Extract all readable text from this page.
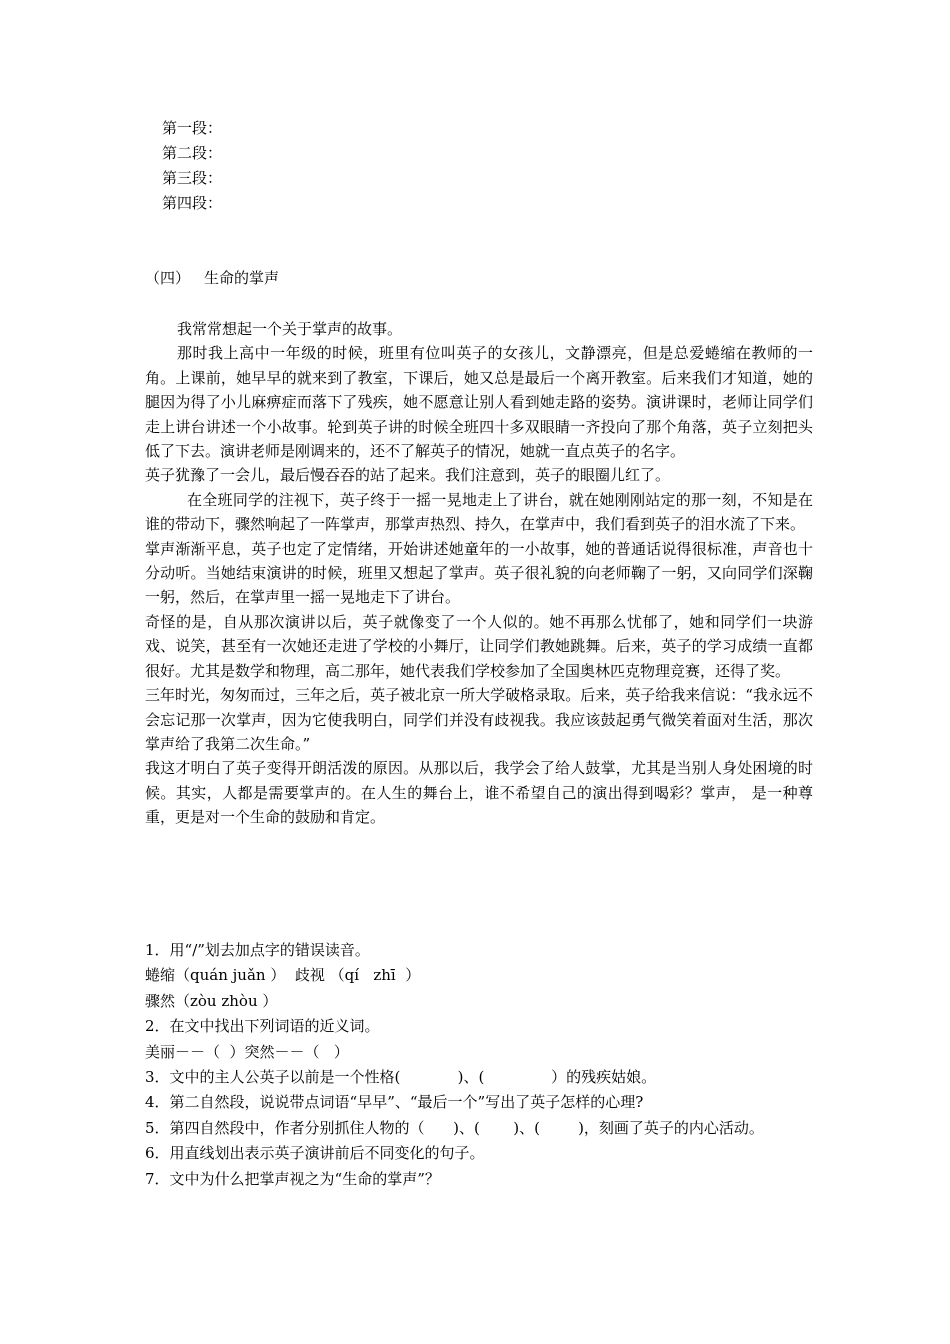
第一段：
第二段：
第三段：
第四段：
（四） 生命的掌声

我常常想起一个关于掌声的故事。

那时我上高中一年级的时候，班里有位叫英子的女孩儿，文静漂亮，但是总爱蜷缩在教师的一角。上课前，她早早的就来到了教室，下课后，她又总是最后一个离开教室。后来我们才知道，她的腿因为得了小儿麻痹症而落下了残疾，她不愿意让别人看到她走路的姿势。演讲课时，老师让同学们走上讲台讲述一个小故事。轮到英子讲的时候全班四十多双眼睛一齐投向了那个角落，英子立刻把头低了下去。演讲老师是刚调来的，还不了解英子的情况，她就一直点英子的名字。

英子犹豫了一会儿，最后慢吞吞的站了起来。我们注意到，英子的眼圈儿红了。

在全班同学的注视下，英子终于一摇一晃地走上了讲台，就在她刚刚站定的那一刻，不知是在谁的带动下，骤然响起了一阵掌声，那掌声热烈、持久，在掌声中，我们看到英子的泪水流了下来。

掌声渐渐平息，英子也定了定情绪，开始讲述她童年的一小故事，她的普通话说得很标准，声音也十分动听。当她结束演讲的时候，班里又想起了掌声。英子很礼貌的向老师鞠了一躬，又向同学们深鞠一躬，然后，在掌声里一摇一晃地走下了讲台。

奇怪的是，自从那次演讲以后，英子就像变了一个人似的。她不再那么忧郁了，她和同学们一块游戏、说笑，甚至有一次她还走进了学校的小舞厅，让同学们教她跳舞。后来，英子的学习成绩一直都很好。尤其是数学和物理，高二那年，她代表我们学校参加了全国奥林匹克物理竞赛，还得了奖。

三年时光，匆匆而过，三年之后，英子被北京一所大学破格录取。后来，英子给我来信说：“我永远不会忘记那一次掌声，因为它使我明白，同学们并没有歧视我。我应该鼓起勇气微笑着面对生活，那次掌声给了我第二次生命。”

我这才明白了英子变得开朗活泼的原因。从那以后，我学会了给人鼓掌，尤其是当别人身处困境的时候。其实，人都是需要掌声的。在人生的舞台上，谁不希望自己的演出得到喝彩？掌声， 是一种尊重，更是对一个生命的鼓励和肯定。

1．用“/”划去加点字的错误读音。

蜷缩（quán juǎn ）  歧视 （qí   zhī  ）

骤然（zòu zhòu ）

2．在文中找出下列词语的近义词。

美丽－－（  ）突然－－（   ）

3．文中的主人公英子以前是一个性格(            )、(              ）的残疾姑娘。

4．第二自然段，说说带点词语“早早”、“最后一个”写出了英子怎样的心理?

5．第四自然段中，作者分别抓住人物的（      )、(       )、(        )，刻画了英子的内心活动。

6．用直线划出表示英子演讲前后不同变化的句子。

7．文中为什么把掌声视之为“生命的掌声”？
